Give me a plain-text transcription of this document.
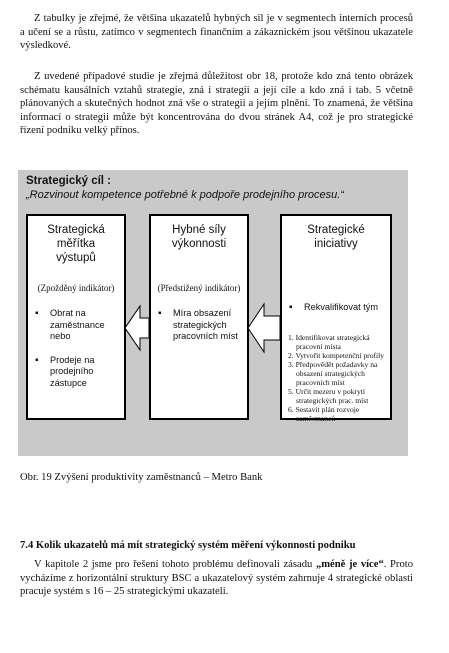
Z tabulky je zřejmé, že většina ukazatelů hybných sil je v segmentech interních procesů a učení se a růstu, zatímco v segmentech finančním a zákaznickém jsou většinou ukazatele výsledkové.

Z uvedené případové studie je zřejmá důležitost obr 18, protože kdo zná tento obrázek schématu kausálních vztahů strategie, zná i strategii a její cíle a kdo zná i tab. 5 včetně plánovaných a skutečných hodnot zná vše o strategii a jejím plnění. To znamená, že většina informací o strategii může být koncentrována do dvou stránek A4, což je pro strategické řízení podniku velký přínos.

Strategický cíl :

„Rozvinout kompetence potřebné k podpoře prodejního procesu.“

Strategická
měřítka
výstupů

(Zpožděný indikátor)

▪ Obrat na zaměstnance nebo
▪ Prodeje na prodejního zástupce

Hybné síly
výkonnosti

(Předstižený indikátor)

▪ Míra obsazení strategických pracovních míst

Strategické
iniciativy

▪ Rekvalifikovat tým
1. Identifikovat strategická pracovní místa
2. Vytvořit kompetenční profily
3. Předpovědět požadavky na obsazení strategických pracovních míst
5. Určit mezeru v pokrytí strategických prac. míst
6. Sestavit plán rozvoje zaměstnanců

Obr. 19 Zvýšení produktivity zaměstnanců – Metro Bank

7.4 Kolik ukazatelů má mít strategický systém měření výkonnosti podniku

V kapitole 2 jsme pro řešení tohoto problému definovali zásadu „méně je více“. Proto vycházíme z horizontální struktury BSC a ukazatelový systém zahrnuje 4 strategické oblasti pracuje systém s 16 – 25 strategickými ukazateli.
